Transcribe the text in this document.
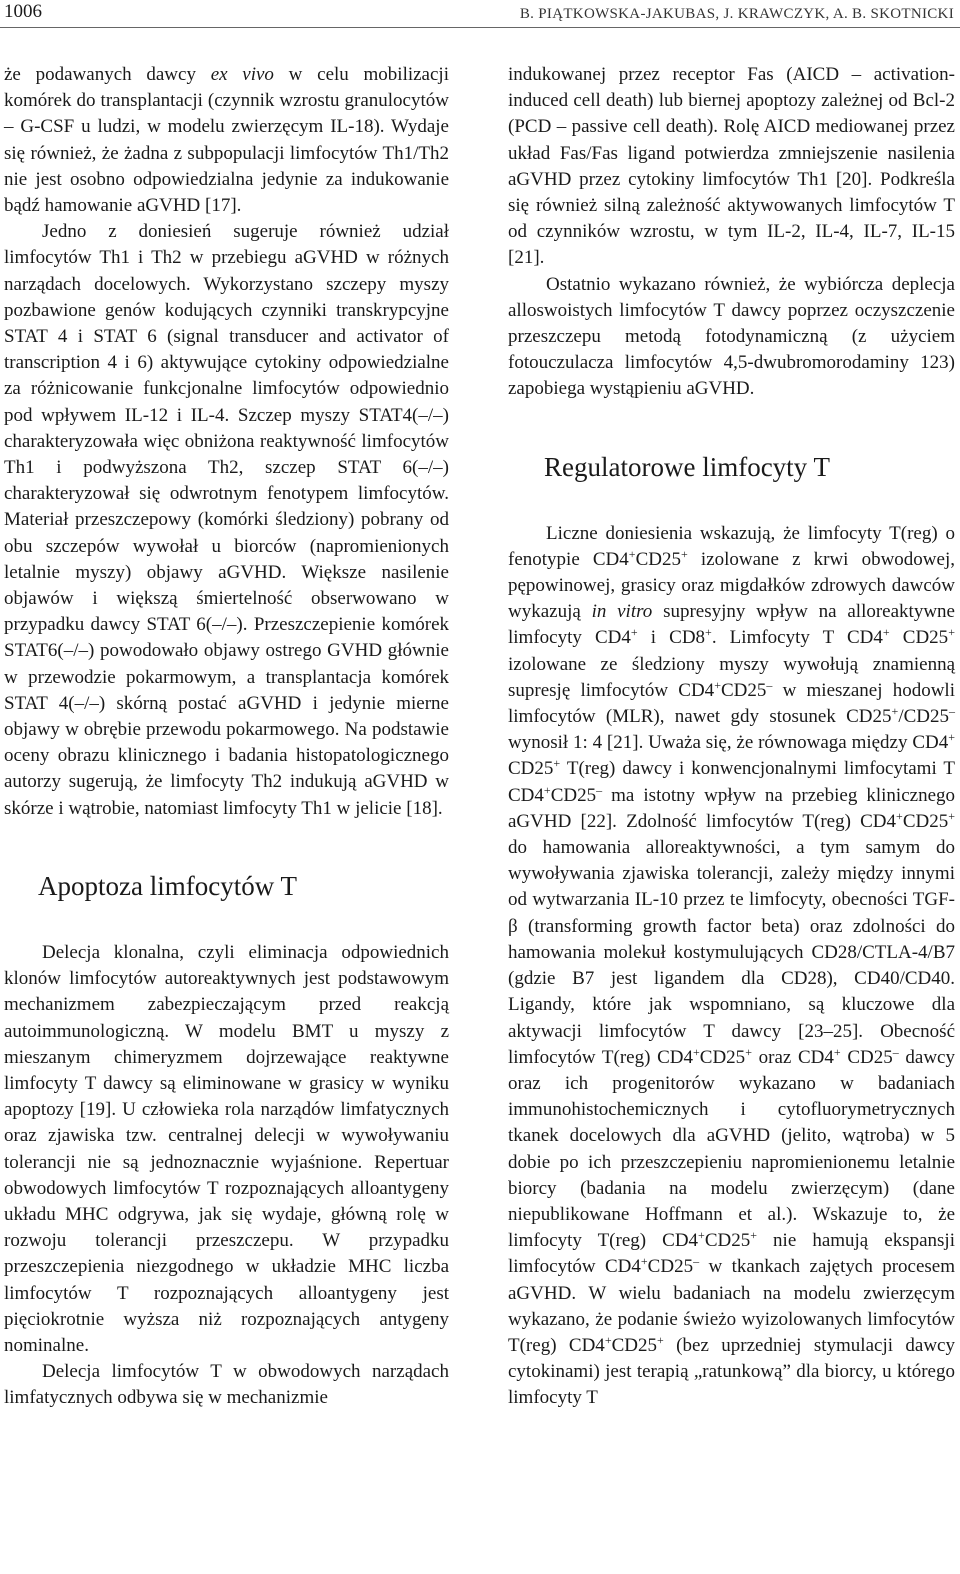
1006	B. PIĄTKOWSKA-JAKUBAS, J. KRAWCZYK, A. B. SKOTNICKI

że podawanych dawcy ex vivo w celu mobilizacji komórek do transplantacji (czynnik wzrostu granulocytów – G-CSF u ludzi, w modelu zwierzęcym IL-18). Wydaje się również, że żadna z subpopulacji limfocytów Th1/Th2 nie jest osobno odpowiedzialna jedynie za indukowanie bądź hamowanie aGVHD [17].

Jedno z doniesień sugeruje również udział limfocytów Th1 i Th2 w przebiegu aGVHD w różnych narządach docelowych. Wykorzystano szczepy myszy pozbawione genów kodujących czynniki transkrypcyjne STAT 4 i STAT 6 (signal transducer and activator of transcription 4 i 6) aktywujące cytokiny odpowiedzialne za różnicowanie funkcjonalne limfocytów odpowiednio pod wpływem IL-12 i IL-4. Szczep myszy STAT4(–/–) charakteryzowała więc obniżona reaktywność limfocytów Th1 i podwyższona Th2, szczep STAT 6(–/–) charakteryzował się odwrotnym fenotypem limfocytów. Materiał przeszczepowy (komórki śledziony) pobrany od obu szczepów wywołał u biorców (napromienionych letalnie myszy) objawy aGVHD. Większe nasilenie objawów i większą śmiertelność obserwowano w przypadku dawcy STAT 6(–/–). Przeszczepienie komórek STAT6(–/–) powodowało objawy ostrego GVHD głównie w przewodzie pokarmowym, a transplantacja komórek STAT 4(–/–) skórną postać aGVHD i jedynie mierne objawy w obrębie przewodu pokarmowego. Na podstawie oceny obrazu klinicznego i badania histopatologicznego autorzy sugerują, że limfocyty Th2 indukują aGVHD w skórze i wątrobie, natomiast limfocyty Th1 w jelicie [18].

Apoptoza limfocytów T

Delecja klonalna, czyli eliminacja odpowiednich klonów limfocytów autoreaktywnych jest podstawowym mechanizmem zabezpieczającym przed reakcją autoimmunologiczną. W modelu BMT u myszy z mieszanym chimeryzmem dojrzewające reaktywne limfocyty T dawcy są eliminowane w grasicy w wyniku apoptozy [19]. U człowieka rola narządów limfatycznych oraz zjawiska tzw. centralnej delecji w wywoływaniu tolerancji nie są jednoznacznie wyjaśnione. Repertuar obwodowych limfocytów T rozpoznających alloantygeny układu MHC odgrywa, jak się wydaje, główną rolę w rozwoju tolerancji przeszczepu. W przypadku przeszczepienia niezgodnego w układzie MHC liczba limfocytów T rozpoznających alloantygeny jest pięciokrotnie wyższa niż rozpoznających antygeny nominalne.

Delecja limfocytów T w obwodowych narządach limfatycznych odbywa się w mechanizmie

indukowanej przez receptor Fas (AICD – activation-induced cell death) lub biernej apoptozy zależnej od Bcl-2 (PCD – passive cell death). Rolę AICD mediowanej przez układ Fas/Fas ligand potwierdza zmniejszenie nasilenia aGVHD przez cytokiny limfocytów Th1 [20]. Podkreśla się również silną zależność aktywowanych limfocytów T od czynników wzrostu, w tym IL-2, IL-4, IL-7, IL-15 [21].

Ostatnio wykazano również, że wybiórcza deplecja alloswoistych limfocytów T dawcy poprzez oczyszczenie przeszczepu metodą fotodynamiczną (z użyciem fotouczulacza limfocytów 4,5-dwubromorodaminy 123) zapobiega wystąpieniu aGVHD.

Regulatorowe limfocyty T

Liczne doniesienia wskazują, że limfocyty T(reg) o fenotypie CD4+CD25+ izolowane z krwi obwodowej, pępowinowej, grasicy oraz migdałków zdrowych dawców wykazują in vitro supresyjny wpływ na alloreaktywne limfocyty CD4+ i CD8+. Limfocyty T CD4+ CD25+ izolowane ze śledziony myszy wywołują znamienną supresję limfocytów CD4+CD25– w mieszanej hodowli limfocytów (MLR), nawet gdy stosunek CD25+/CD25– wynosił 1: 4 [21]. Uważa się, że równowaga między CD4+ CD25+ T(reg) dawcy i konwencjonalnymi limfocytami T CD4+CD25– ma istotny wpływ na przebieg klinicznego aGVHD [22]. Zdolność limfocytów T(reg) CD4+CD25+ do hamowania alloreaktywności, a tym samym do wywoływania zjawiska tolerancji, zależy między innymi od wytwarzania IL-10 przez te limfocyty, obecności TGF-β (transforming growth factor beta) oraz zdolności do hamowania molekuł kostymulujących CD28/CTLA-4/B7 (gdzie B7 jest ligandem dla CD28), CD40/CD40. Ligandy, które jak wspomniano, są kluczowe dla aktywacji limfocytów T dawcy [23–25]. Obecność limfocytów T(reg) CD4+CD25+ oraz CD4+ CD25– dawcy oraz ich progenitorów wykazano w badaniach immunohistochemicznych i cytofluorymetrycznych tkanek docelowych dla aGVHD (jelito, wątroba) w 5 dobie po ich przeszczepieniu napromienionemu letalnie biorcy (badania na modelu zwierzęcym) (dane niepublikowane Hoffmann et al.). Wskazuje to, że limfocyty T(reg) CD4+CD25+ nie hamują ekspansji limfocytów CD4+CD25– w tkankach zajętych procesem aGVHD. W wielu badaniach na modelu zwierzęcym wykazano, że podanie świeżo wyizolowanych limfocytów T(reg) CD4+CD25+ (bez uprzedniej stymulacji dawcy cytokinami) jest terapią „ratunkową” dla biorcy, u którego limfocyty T
